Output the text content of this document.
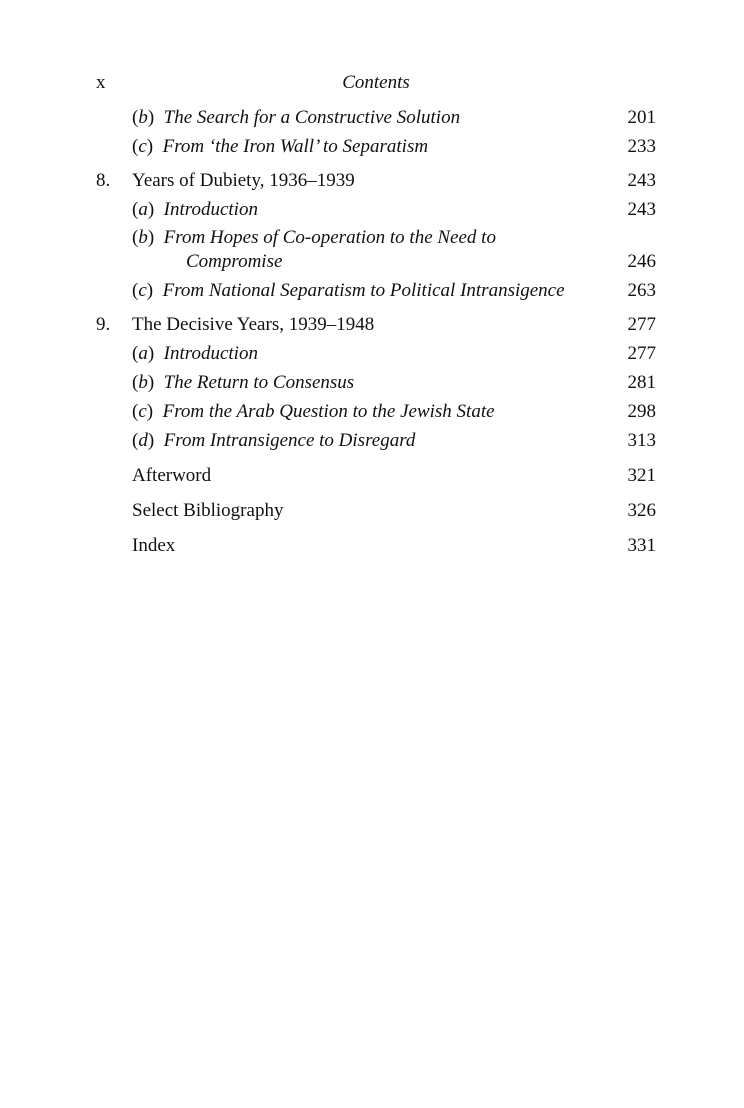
x	Contents
(b)  The Search for a Constructive Solution	201
(c)  From ‘the Iron Wall’ to Separatism	233
8. Years of Dubiety, 1936–1939	243
(a)  Introduction	243
(b)  From Hopes of Co-operation to the Need to
Compromise	246
(c)  From National Separatism to Political Intransigence	263
9. The Decisive Years, 1939–1948	277
(a)  Introduction	277
(b)  The Return to Consensus	281
(c)  From the Arab Question to the Jewish State	298
(d)  From Intransigence to Disregard	313
Afterword	321
Select Bibliography	326
Index	331
